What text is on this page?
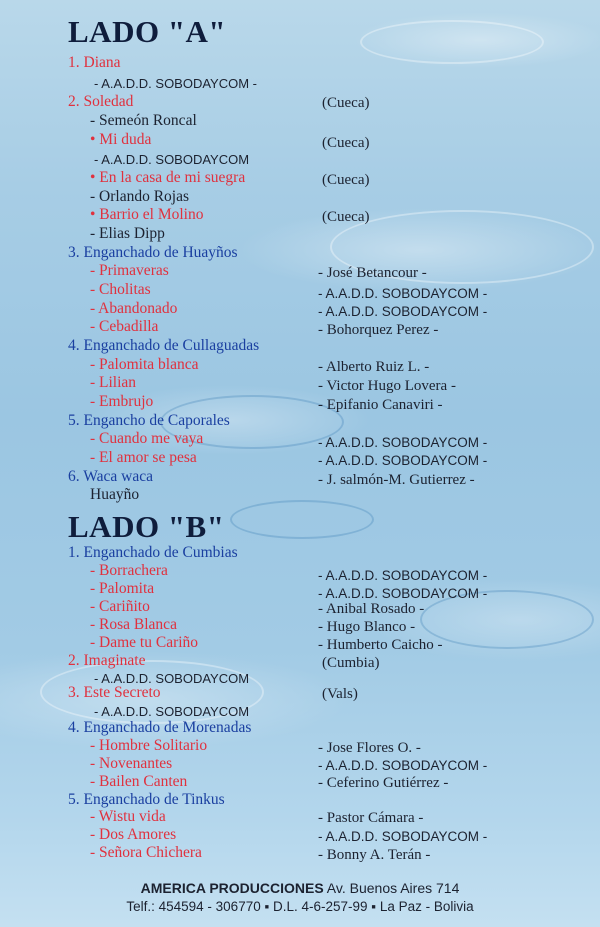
LADO "A"
1. Diana
- A.A.D.D. SOBODAYCOM -
2. Soledad
- Semeón Roncal
• Mi duda
- A.A.D.D. SOBODAYCOM
• En la casa de mi suegra
- Orlando Rojas
• Barrio el Molino
- Elias Dipp
3. Enganchado de Huayños
- Primaveras
- Cholitas
- Abandonado
- Cebadilla
4. Enganchado de Cullaguadas
- Palomita blanca
- Lilian
- Embrujo
5. Engancho de Caporales
- Cuando me vaya
- El amor se pesa
6. Waca waca
Huayño
(Cueca)
(Cueca)
(Cueca)
(Cueca)
- José Betancour -
- A.A.D.D. SOBODAYCOM -
- A.A.D.D. SOBODAYCOM -
- Bohorquez Perez -
- Alberto Ruiz L. -
- Victor Hugo Lovera -
- Epifanio Canaviri -
- A.A.D.D. SOBODAYCOM -
- A.A.D.D. SOBODAYCOM -
- J. salmón-M. Gutierrez -
LADO "B"
1. Enganchado de Cumbias
- Borrachera
- Palomita
- Cariñito
- Rosa Blanca
- Dame tu Cariño
2. Imaginate
- A.A.D.D. SOBODAYCOM
3. Este Secreto
- A.A.D.D. SOBODAYCOM
4. Enganchado de Morenadas
- Hombre Solitario
- Novenantes
- Bailen Canten
5. Enganchado de Tinkus
- Wistu vida
- Dos Amores
- Señora Chichera
- A.A.D.D. SOBODAYCOM -
- A.A.D.D. SOBODAYCOM -
- Anibal Rosado -
- Hugo Blanco -
- Humberto Caicho -
(Cumbia)
(Vals)
- Jose Flores O. -
- A.A.D.D. SOBODAYCOM -
- Ceferino Gutiérrez -
- Pastor Cámara -
- A.A.D.D. SOBODAYCOM -
- Bonny A. Terán -
AMERICA PRODUCCIONES Av. Buenos Aires 714
Telf.: 454594 - 306770 ▪ D.L. 4-6-257-99 ▪ La Paz - Bolivia
